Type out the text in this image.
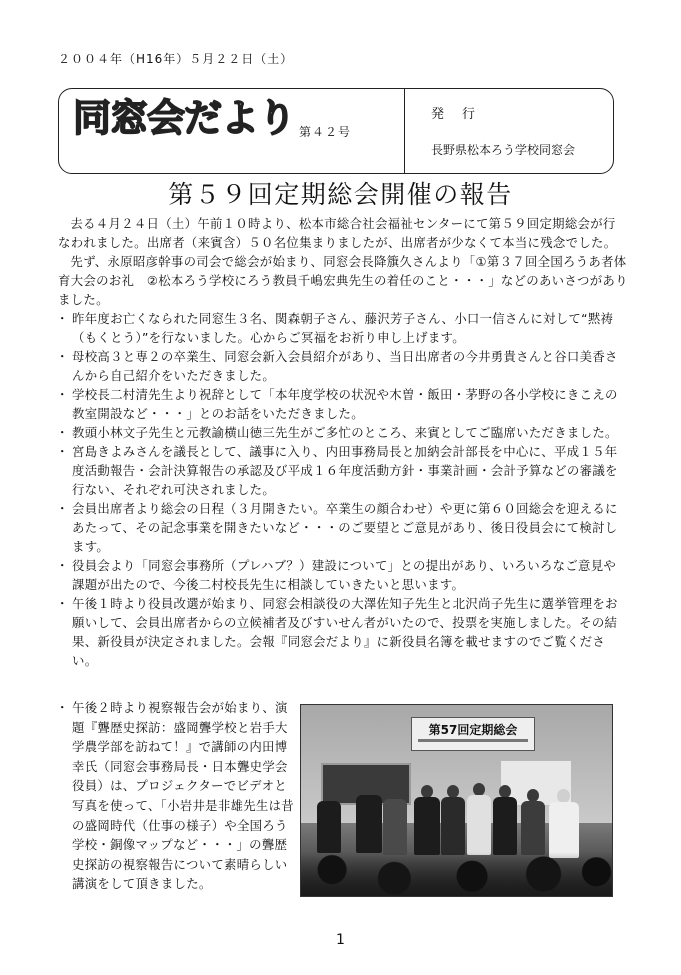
２００４年（H16年）５月２２日（土）
同窓会だより 第４２号
発行
長野県松本ろう学校同窓会
第５９回定期総会開催の報告

去る４月２４日（土）午前１０時より、松本市総合社会福祉センターにて第５９回定期総会が行なわれました。出席者（来賓含）５０名位集まりましたが、出席者が少なくて本当に残念でした。

先ず、永原昭彦幹事の司会で総会が始まり、同窓会長降籏久さんより「①第３７回全国ろうあ者体育大会のお礼　②松本ろう学校にろう教員千嶋宏典先生の着任のこと・・・」などのあいさつがありました。

・ 昨年度お亡くなられた同窓生３名、関森朝子さん、藤沢芳子さん、小口一信さんに対して“黙祷（もくとう）”を行ないました。心からご冥福をお祈り申し上げます。
・ 母校高３と専２の卒業生、同窓会新入会員紹介があり、当日出席者の今井勇貴さんと谷口美香さんから自己紹介をいただきました。
・ 学校長二村清先生より祝辞として「本年度学校の状況や木曽・飯田・茅野の各小学校にきこえの教室開設など・・・」とのお話をいただきました。
・ 教頭小林文子先生と元教諭横山徳三先生がご多忙のところ、来賓としてご臨席いただきました。
・ 宮島きよみさんを議長として、議事に入り、内田事務局長と加納会計部長を中心に、平成１５年度活動報告・会計決算報告の承認及び平成１６年度活動方針・事業計画・会計予算などの審議を行ない、それぞれ可決されました。
・ 会員出席者より総会の日程（３月開きたい。卒業生の顔合わせ）や更に第６０回総会を迎えるにあたって、その記念事業を開きたいなど・・・のご要望とご意見があり、後日役員会にて検討します。
・ 役員会より「同窓会事務所（プレハブ？）建設について」との提出があり、いろいろなご意見や課題が出たので、今後二村校長先生に相談していきたいと思います。
・ 午後１時より役員改選が始まり、同窓会相談役の大澤佐知子先生と北沢尚子先生に選挙管理をお願いして、会員出席者からの立候補者及びすいせん者がいたので、投票を実施しました。その結果、新役員が決定されました。会報『同窓会だより』に新役員名簿を載せますのでご覧ください。
・ 午後２時より視察報告会が始まり、演題『聾歴史探訪：盛岡聾学校と岩手大学農学部を訪ねて！』で講師の内田博幸氏（同窓会事務局長・日本聾史学会役員）は、プロジェクターでビデオと写真を使って、「小岩井是非雄先生は昔の盛岡時代（仕事の様子）や全国ろう学校・銅像マップなど・・・」の聾歴史探訪の視察報告について素晴らしい講演をして頂きました。
第57回定期総会
1
